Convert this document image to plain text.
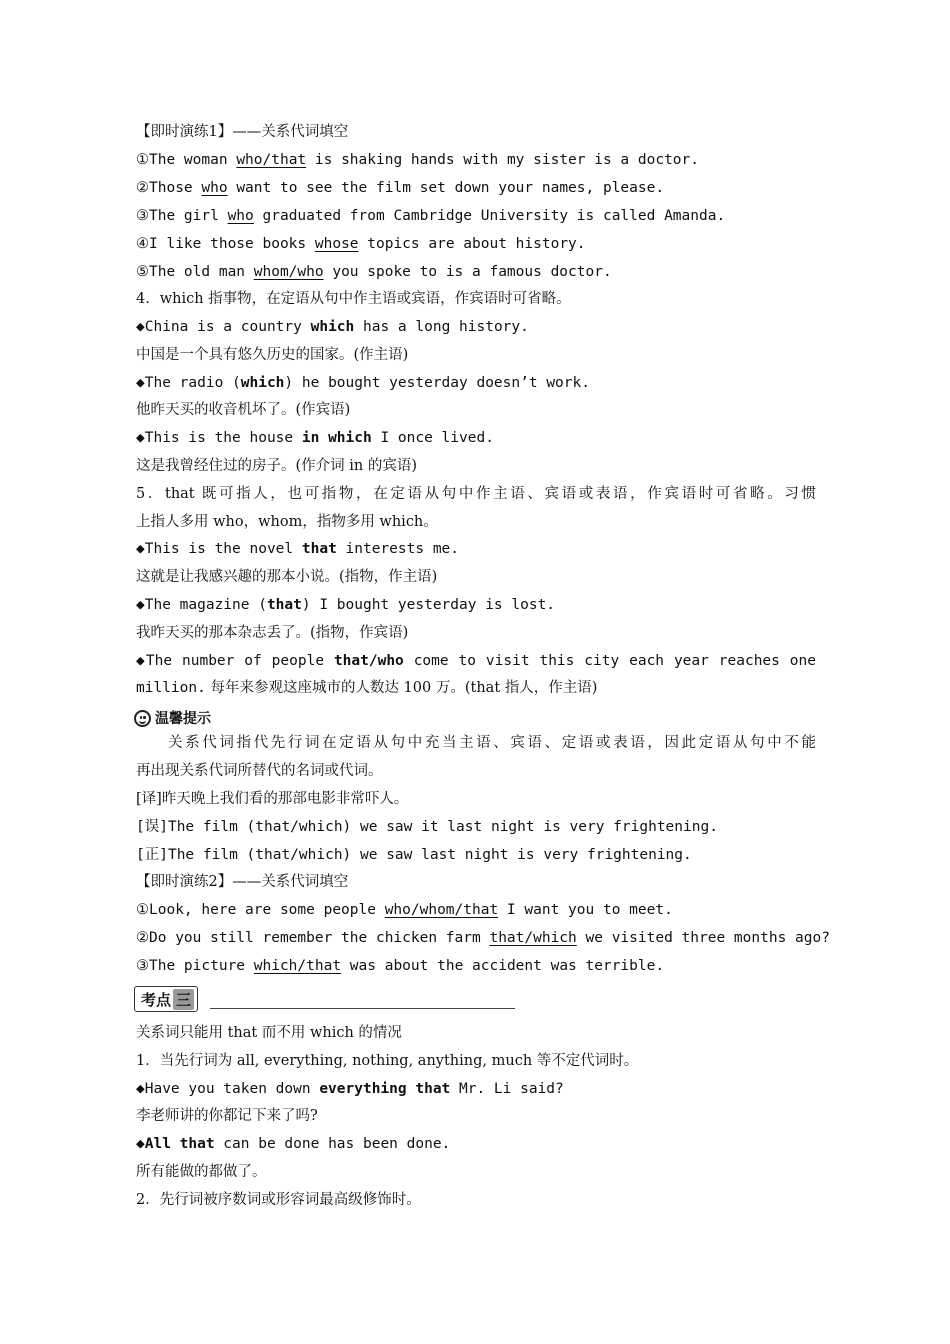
【即时演练1】——关系代词填空
①The woman who/that is shaking hands with my sister is a doctor.
②Those who want to see the film set down your names, please.
③The girl who graduated from Cambridge University is called Amanda.
④I like those books whose topics are about history.
⑤The old man whom/who you spoke to is a famous doctor.
4．which 指事物，在定语从句中作主语或宾语，作宾语时可省略。
◆China is a country which has a long history.
中国是一个具有悠久历史的国家。(作主语)
◆The radio (which) he bought yesterday doesn’t work.
他昨天买的收音机坏了。(作宾语)
◆This is the house in which I once lived.
这是我曾经住过的房子。(作介词 in 的宾语)
5．that 既可指人，也可指物，在定语从句中作主语、宾语或表语，作宾语时可省略。习惯
上指人多用 who，whom，指物多用 which。
◆This is the novel that interests me.
这就是让我感兴趣的那本小说。(指物，作主语)
◆The magazine (that) I bought yesterday is lost.
我昨天买的那本杂志丢了。(指物，作宾语)
◆The number of people that/who come to visit this city each year reaches one
million. 每年来参观这座城市的人数达 100 万。(that 指人，作主语)
温馨提示
关系代词指代先行词在定语从句中充当主语、宾语、定语或表语，因此定语从句中不能
再出现关系代词所替代的名词或代词。
[译]昨天晚上我们看的那部电影非常吓人。
[误]The film (that/which) we saw it last night is very frightening.
[正]The film (that/which) we saw last night is very frightening.
【即时演练2】——关系代词填空
①Look, here are some people who/whom/that I want you to meet.
②Do you still remember the chicken farm that/which we visited three months ago?
③The picture which/that was about the accident was terrible.
考点 三
关系词只能用 that 而不用 which 的情况
1．当先行词为 all, everything, nothing, anything, much 等不定代词时。
◆Have you taken down everything that Mr. Li said?
李老师讲的你都记下来了吗?
◆All that can be done has been done.
所有能做的都做了。
2．先行词被序数词或形容词最高级修饰时。
